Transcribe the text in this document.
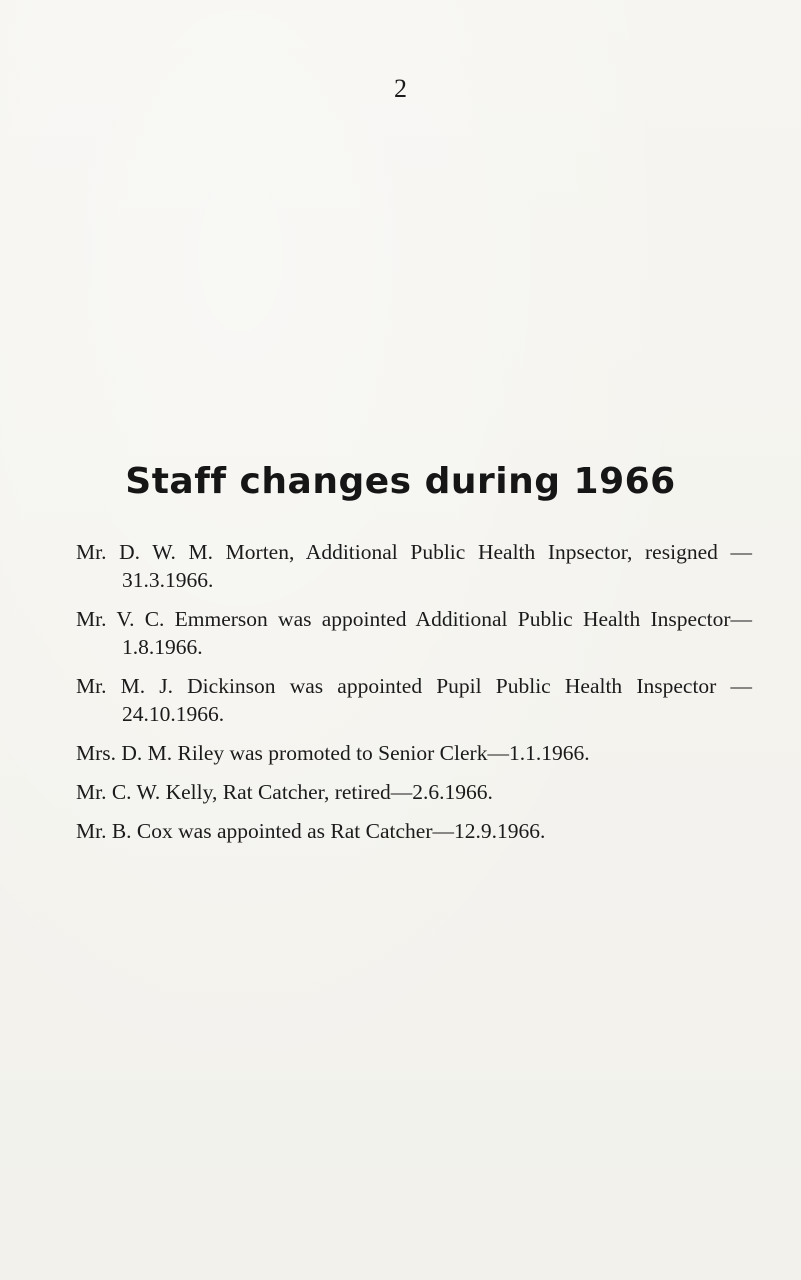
2
Staff changes during 1966
Mr. D. W. M. Morten, Additional Public Health Inpsector, resigned —31.3.1966.
Mr. V. C. Emmerson was appointed Additional Public Health Inspector—1.8.1966.
Mr. M. J. Dickinson was appointed Pupil Public Health Inspector —24.10.1966.
Mrs. D. M. Riley was promoted to Senior Clerk—1.1.1966.
Mr. C. W. Kelly, Rat Catcher, retired—2.6.1966.
Mr. B. Cox was appointed as Rat Catcher—12.9.1966.
